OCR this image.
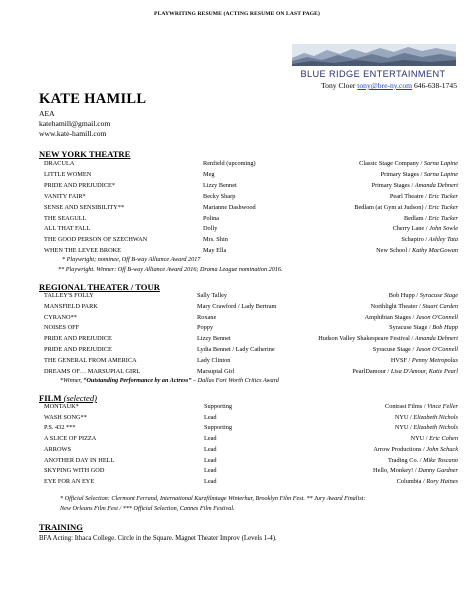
PLAYWRITING RESUME (ACTING RESUME ON LAST PAGE)
BLUE RIDGE ENTERTAINMENT
Tony Cloer tony@bre-ny.com 646-638-1745
KATE HAMILL
AEA
katehamill@gmail.com
www.kate-hamill.com
NEW YORK THEATRE
DRACULA	Renfield (upcoming)	Classic Stage Company / Sarna Lapine
LITTLE WOMEN	Meg	Primary Stages / Sarna Lapine
PRIDE AND PREJUDICE*	Lizzy Bennet	Primary Stages / Amanda Dehnert
VANITY FAIR*	Becky Sharp	Pearl Theatre / Eric Tucker
SENSE AND SENSIBILITY**	Marianne Dashwood	Bedlam (at Gym at Judson) / Eric Tucker
THE SEAGULL	Polina	Bedlam / Eric Tucker
ALL THAT FALL	Dolly	Cherry Lane / John Sowle
THE GOOD PERSON OF SZECHWAN	Mrs. Shin	Schapiro / Ashley Tata
WHEN THE LEVEE BROKE	May Ella	New School / Kathy MacGowan
* Playwright; nominee, Off B-way Alliance Award 2017
** Playwright. Winner: Off B-way Alliance Award 2016; Drama League nomination 2016.
REGIONAL THEATER / TOUR
TALLEY'S FOLLY	Sally Talley	Bob Hupp / Syracuse Stage
MANSFIELD PARK	Mary Crawford / Lady Bertram	Northlight Theater / Stuart Carden
CYRANO**	Roxane	Amphibian Stages / Jason O'Connell
NOISES OFF	Poppy	Syracuse Stage / Bob Hupp
PRIDE AND PREJUDICE	Lizzy Bennet	Hudson Valley Shakespeare Festival / Amanda Dehnert
PRIDE AND PREJUDICE	Lydia Bennet / Lady Catherine	Syracuse Stage / Jason O'Connell
THE GENERAL FROM AMERICA	Lady Clinton	HVSF / Penny Metropolus
DREAMS OF… MARSUPIAL GIRL	Marsupial Girl	PearlDamour / Lisa D'Amour, Katie Pearl
*Winner, “Outstanding Performance by an Actress” – Dallas Fort Worth Critics Award
FILM (selected)
MONTAUK*	Supporting	Contrast Films / Vince Feller
WASH SONG**	Lead	NYU / Elizabeth Nichols
P.S. 432 ***	Supporting	NYU / Elizabeth Nichols
A SLICE OF PIZZA	Lead	NYU / Eric Cohen
ARROWS	Lead	Arrow Productions / John Schuck
ANOTHER DAY IN HELL	Lead	Trading Co. / Mike Toscano
SKYPING WITH GOD	Lead	Hello, Monkey! / Danny Gardner
EYE FOR AN EYE	Lead	Columbia / Rory Haines
* Official Selection: Clermont Ferrand, International Kurzfilmtage Winterhur, Brooklyn Film Fest. ** Jury Award Finalist:
New Orleans Film Fest / *** Official Selection, Cannes Film Festival.
TRAINING
BFA Acting: Ithaca College. Circle in the Square. Magnet Theater Improv (Levels 1-4).
